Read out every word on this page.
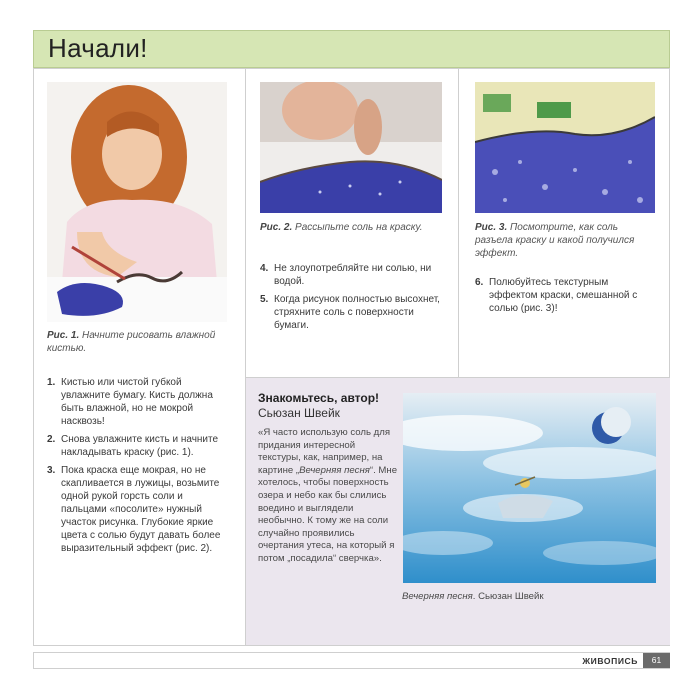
Начали!
Рис. 1. Начните рисовать влажной кистью.
1. Кистью или чистой губкой увлажните бумагу. Кисть должна быть влажной, но не мокрой насквозь!
2. Снова увлажните кисть и начните накладывать краску (рис. 1).
3. Пока краска еще мокрая, но не скапливается в лужицы, возьмите одной рукой горсть соли и пальцами «посолите» нужный участок рисунка. Глубокие яркие цвета с солью будут давать более выразительный эффект (рис. 2).
Рис. 2. Рассыпьте соль на краску.
4. Не злоупотребляйте ни солью, ни водой.
5. Когда рисунок полностью высохнет, стряхните соль с поверхности бумаги.
Рис. 3. Посмотрите, как соль разъела краску и какой получился эффект.
6. Полюбуйтесь текстурным эффектом краски, смешанной с солью (рис. 3)!
Знакомьтесь, автор!
Сьюзан Швейк
«Я часто использую соль для придания интересной текстуры, как, например, на картине „Вечерняя песня“. Мне хотелось, чтобы поверхность озера и небо как бы слились воедино и выглядели необычно. К тому же на соли случайно проявились очертания утеса, на который я потом „посадила“ сверчка».
Вечерняя песня. Сьюзан Швейк
ЖИВОПИСЬ	61
